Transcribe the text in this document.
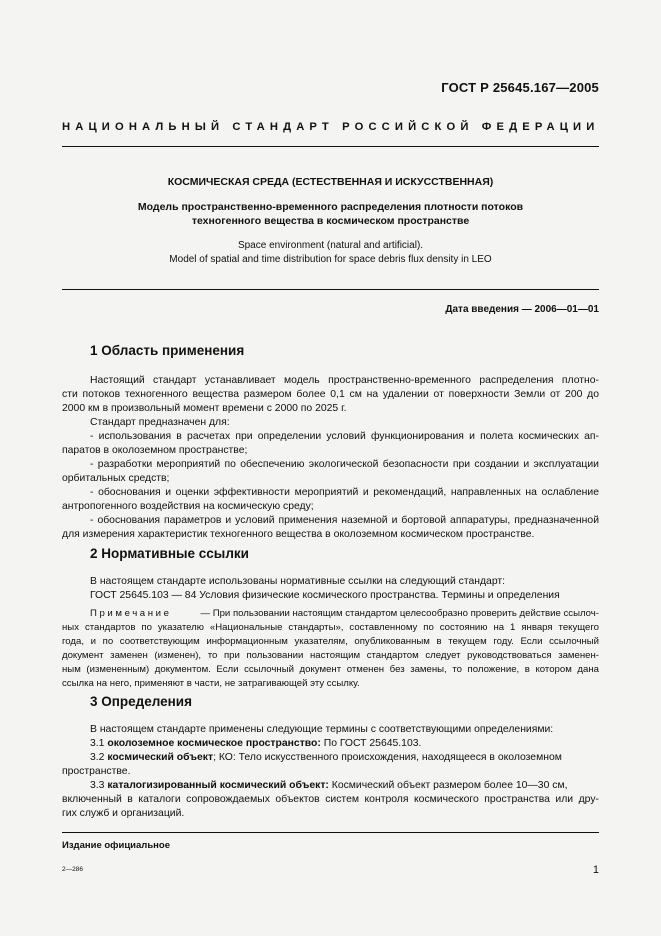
ГОСТ Р 25645.167—2005
НАЦИОНАЛЬНЫЙ СТАНДАРТ РОССИЙСКОЙ ФЕДЕРАЦИИ
КОСМИЧЕСКАЯ СРЕДА (ЕСТЕСТВЕННАЯ И ИСКУССТВЕННАЯ)
Модель пространственно-временного распределения плотности потоков
техногенного вещества в космическом пространстве
Space environment (natural and artificial).
Model of spatial and time distribution for space debris flux density in LEO
Дата введения — 2006—01—01
1 Область применения
Настоящий стандарт устанавливает модель пространственно-временного распределения плотно-
сти потоков техногенного вещества размером более 0,1 см на удалении от поверхности Земли от 200 до
2000 км в произвольный момент времени с 2000 по 2025 г.
Стандарт предназначен для:
- использования в расчетах при определении условий функционирования и полета космических ап-
паратов в околоземном пространстве;
- разработки мероприятий по обеспечению экологической безопасности при создании и эксплуатации
орбитальных средств;
- обоснования и оценки эффективности мероприятий и рекомендаций, направленных на ослабление
антропогенного воздействия на космическую среду;
- обоснования параметров и условий применения наземной и бортовой аппаратуры, предназначенной
для измерения характеристик техногенного вещества в околоземном космическом пространстве.
2 Нормативные ссылки
В настоящем стандарте использованы нормативные ссылки на следующий стандарт:
ГОСТ 25645.103 — 84 Условия физические космического пространства. Термины и определения
Примечание	— При пользовании настоящим стандартом целесообразно проверить действие ссылоч-
ных стандартов по указателю «Национальные стандарты», составленному по состоянию на 1 января текущего
года, и по соответствующим информационным указателям, опубликованным в текущем году. Если ссылочный
документ заменен (изменен), то при пользовании настоящим стандартом следует руководствоваться заменен-
ным (измененным) документом. Если ссылочный документ отменен без замены, то положение, в котором дана
ссылка на него, применяют в части, не затрагивающей эту ссылку.
3 Определения
В настоящем стандарте применены следующие термины с соответствующими определениями:
3.1 околоземное космическое пространство: По ГОСТ 25645.103.
3.2 космический объект; КО: Тело искусственного происхождения, находящееся в околоземном
пространстве.
3.3 каталогизированный космический объект: Космический объект размером более 10—30 см,
включенный в каталоги сопровождаемых объектов систем контроля космического пространства или дру-
гих служб и организаций.
Издание официальное
2—286	1
